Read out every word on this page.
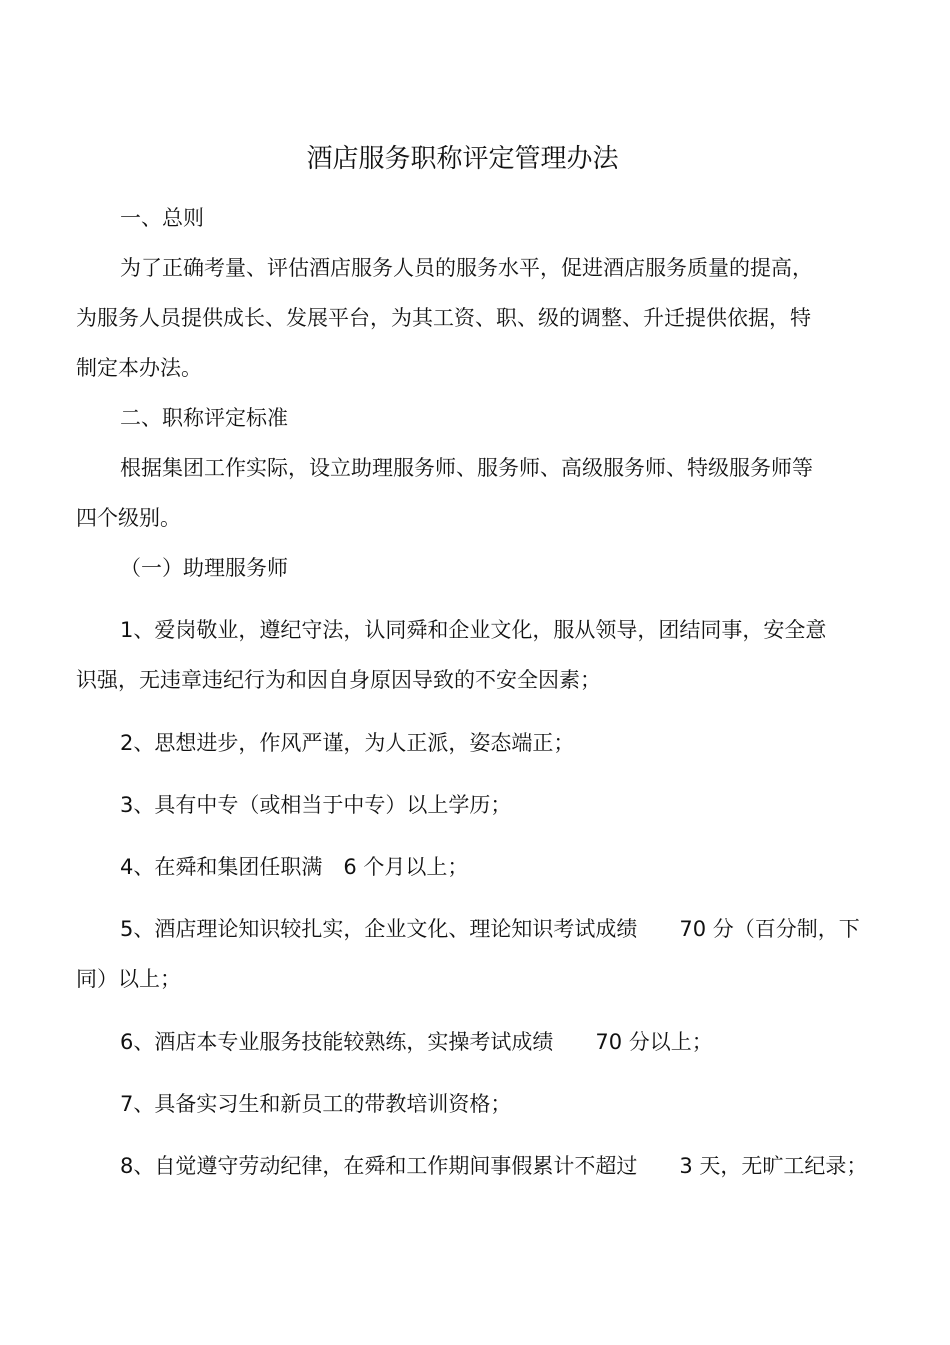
酒店服务职称评定管理办法
一、总则
为了正确考量、评估酒店服务人员的服务水平，促进酒店服务质量的提高，
为服务人员提供成长、发展平台，为其工资、职、级的调整、升迁提供依据，特
制定本办法。
二、职称评定标准
根据集团工作实际，设立助理服务师、服务师、高级服务师、特级服务师等
四个级别。
（一）助理服务师
1、爱岗敬业，遵纪守法，认同舜和企业文化，服从领导，团结同事，安全意
识强，无违章违纪行为和因自身原因导致的不安全因素；
2、思想进步，作风严谨，为人正派，姿态端正；
3、具有中专（或相当于中专）以上学历；
4、在舜和集团任职满　6 个月以上；
5、酒店理论知识较扎实，企业文化、理论知识考试成绩　　70 分（百分制，下
同）以上；
6、酒店本专业服务技能较熟练，实操考试成绩　　70 分以上；
7、具备实习生和新员工的带教培训资格；
8、自觉遵守劳动纪律，在舜和工作期间事假累计不超过　　3 天，无旷工纪录；
